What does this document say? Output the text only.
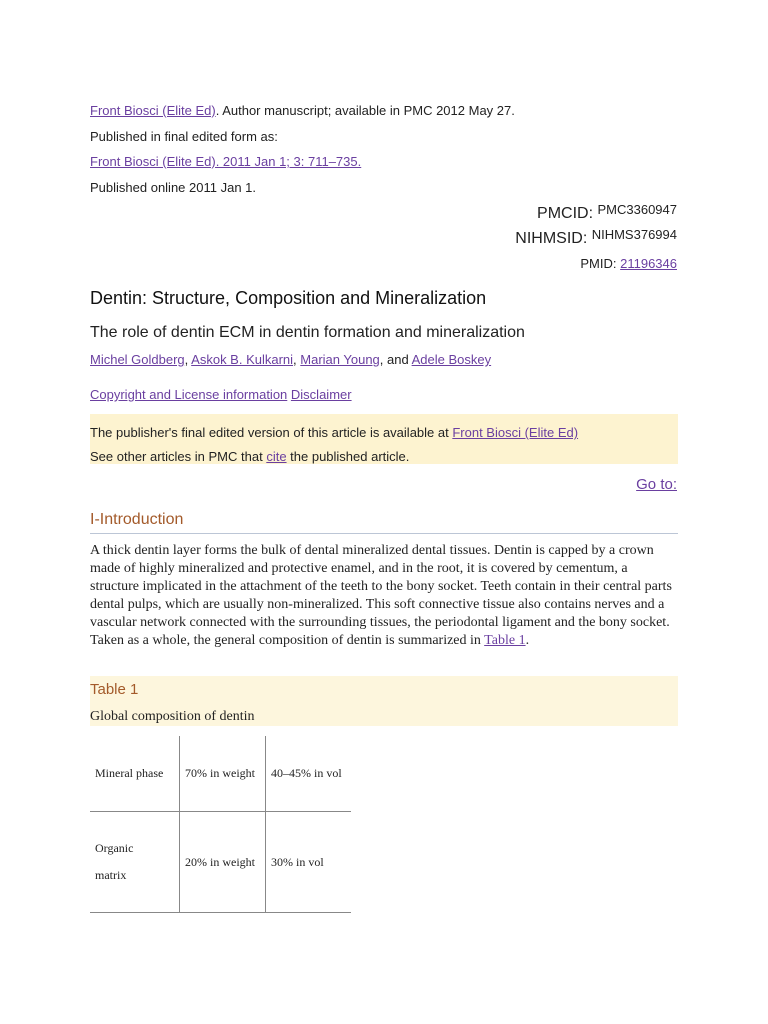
Front Biosci (Elite Ed). Author manuscript; available in PMC 2012 May 27.
Published in final edited form as:
Front Biosci (Elite Ed). 2011 Jan 1; 3: 711–735.
Published online 2011 Jan 1.
PMCID: $^{PMC3360947}$
NIHMSID: $^{NIHMS376994}$
PMID: 21196346
Dentin: Structure, Composition and Mineralization
The role of dentin ECM in dentin formation and mineralization
Michel Goldberg, Askok B. Kulkarni, Marian Young, and Adele Boskey
Copyright and License information Disclaimer
The publisher's final edited version of this article is available at Front Biosci (Elite Ed)
See other articles in PMC that cite the published article.
Go to:
I-Introduction
A thick dentin layer forms the bulk of dental mineralized dental tissues. Dentin is capped by a crown made of highly mineralized and protective enamel, and in the root, it is covered by cementum, a structure implicated in the attachment of the teeth to the bony socket. Teeth contain in their central parts dental pulps, which are usually non-mineralized. This soft connective tissue also contains nerves and a vascular network connected with the surrounding tissues, the periodontal ligament and the bony socket. Taken as a whole, the general composition of dentin is summarized in Table 1.
Table 1
Global composition of dentin
Mineral phase	70% in weight	40–45% in vol

Organic
matrix	20% in weight	30% in vol
